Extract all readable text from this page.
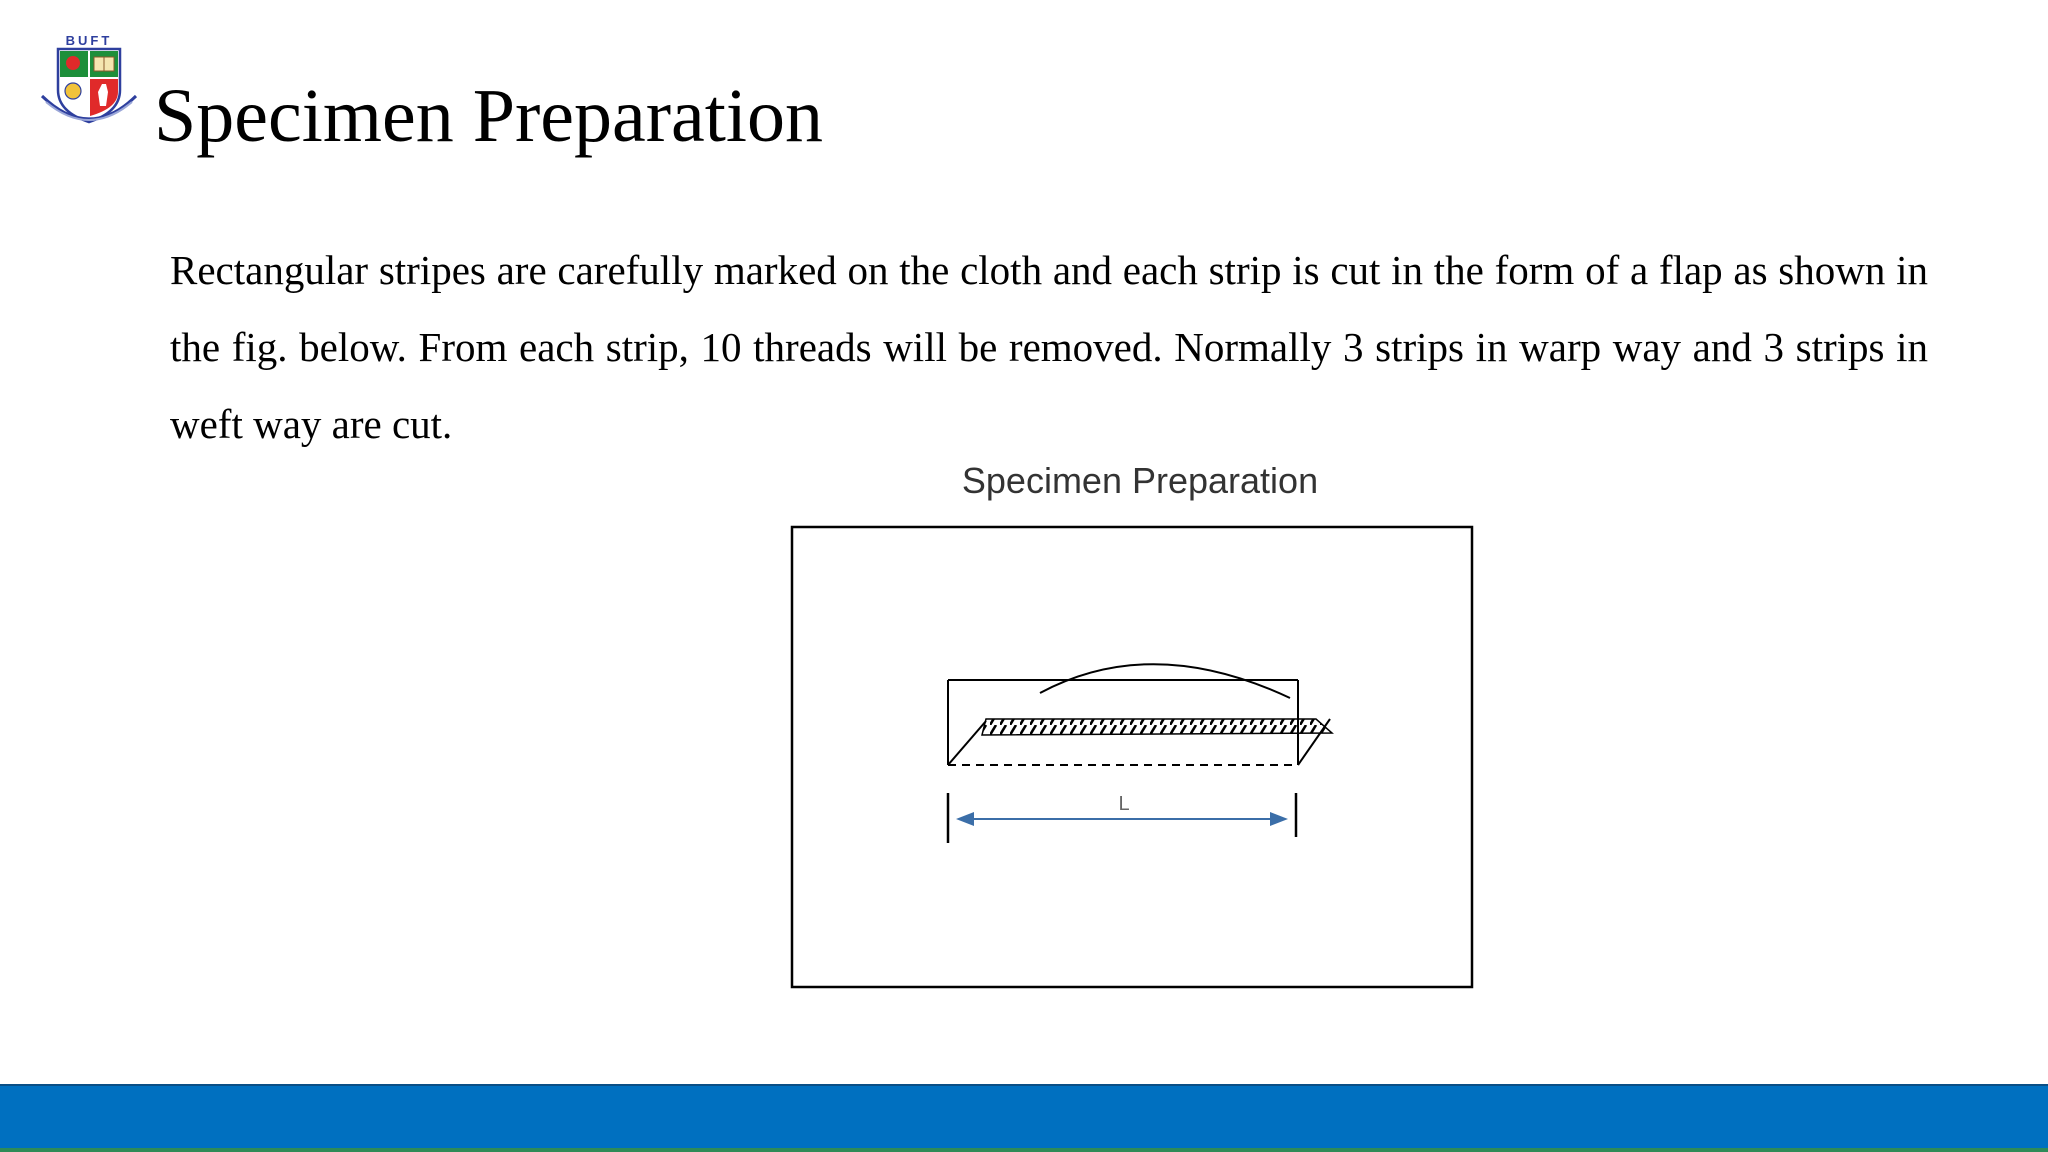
BUFT
Specimen Preparation

Rectangular stripes are carefully marked on the cloth and each strip is cut in the form of a flap as shown in the fig. below. From each strip, 10 threads will be removed. Normally 3 strips in warp way and 3 strips in weft way are cut.

Specimen Preparation
L
